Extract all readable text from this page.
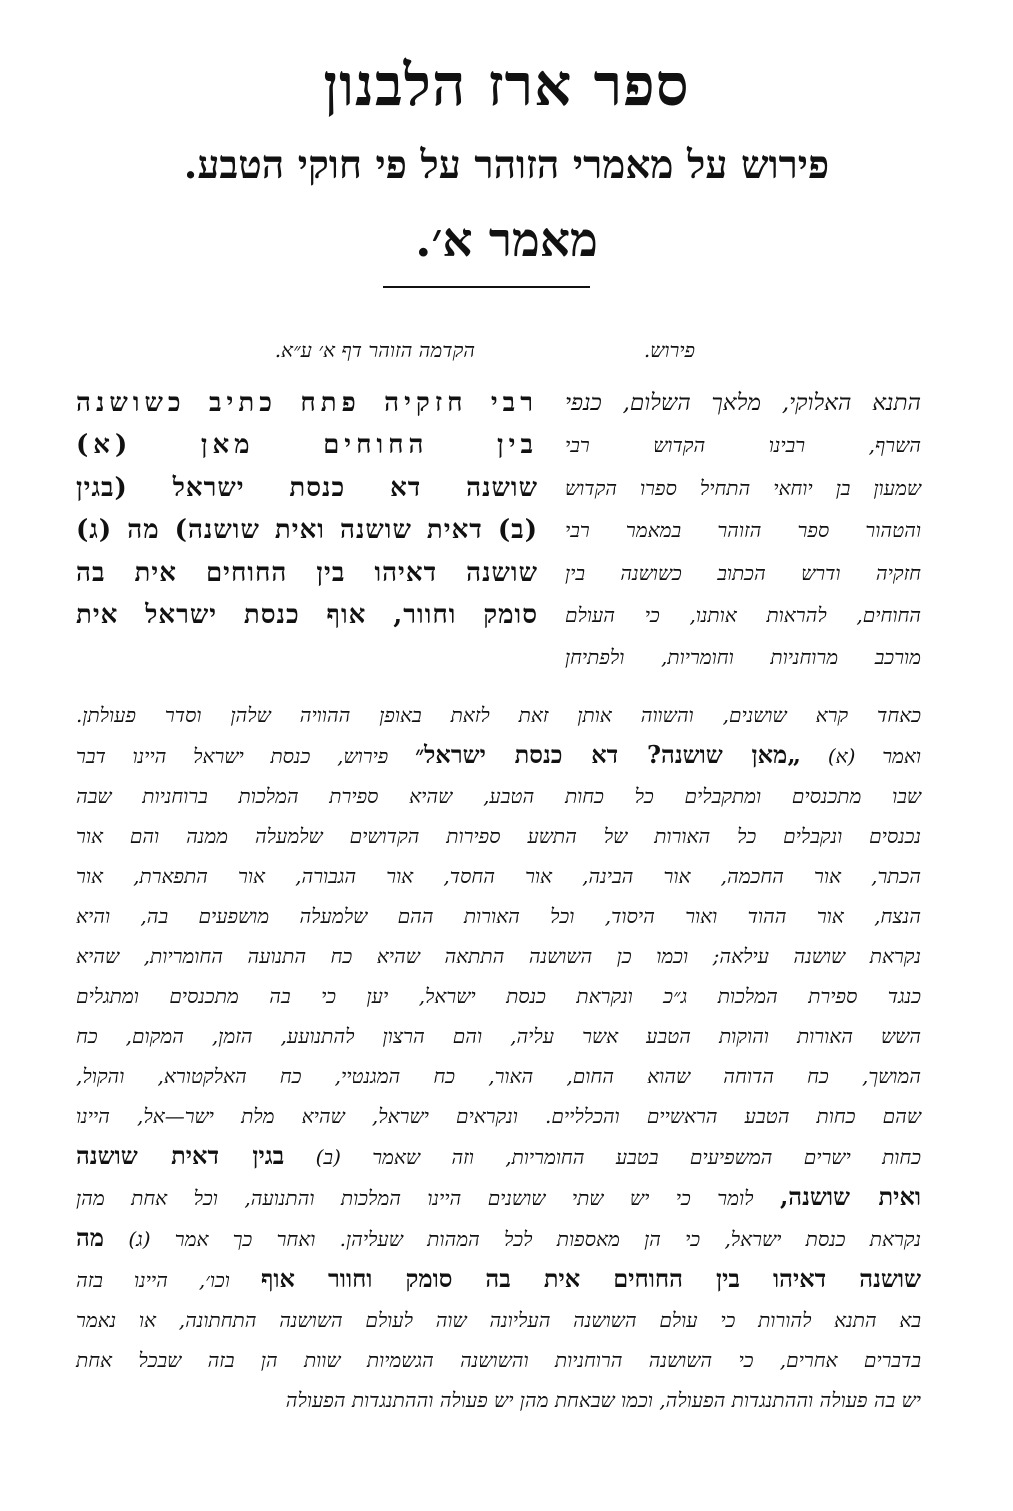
ספר ארז הלבנון
פירוש על מאמרי הזוהר על פי חוקי הטבע.
מאמר א׳.
פירוש.
הקדמה הזוהר דף א׳ ע״א.
התנא האלוקי, מלאך השלום, כנפי
השרף, רבינו הקדוש רבי
שמעון בן יוחאי התחיל ספרו הקדוש
והטהור ספר הזוהר במאמר רבי
חזקיה ודרש הכתוב כשושנה בין
החוחים, להראות אותנו, כי העולם
מורכב מרוחניות וחומריות, ולפתיחן
רבי חזקיה פתח כתיב כשושנה
בין החוחים מאן (א)
שושנה דא כנסת ישראל (בגין
(ב) דאית שושנה ואית שושנה) מה (ג)
שושנה דאיהו בין החוחים אית בה
סומק וחוור, אוף כנסת ישראל אית
כאחד קרא שושנים, והשווה אותן זאת לזאת באופן ההוויה שלהן וסדר פעולתן.
ואמר (א) „מאן שושנה? דא כנסת ישראל״ פירוש, כנסת ישראל היינו דבר
שבו מתכנסים ומתקבלים כל כחות הטבע, שהיא ספירת המלכות ברוחניות שבה
נכנסים ונקבלים כל האורות של התשע ספירות הקדושים שלמעלה ממנה והם אור
הכתר, אור החכמה, אור הבינה, אור החסד, אור הגבורה, אור התפארת, אור
הנצח, אור ההוד ואור היסוד, וכל האורות ההם שלמעלה מושפעים בה, והיא
נקראת שושנה עילאה; וכמו כן השושנה התתאה שהיא כח התנועה החומריות, שהיא
כנגד ספירת המלכות ג״כ ונקראת כנסת ישראל, יען כי בה מתכנסים ומתגלים
השש האורות והוקות הטבע אשר עליה, והם הרצון להתנועע, הזמן, המקום, כח
המושך, כח הדוחה שהוא החום, האור, כח המגנטיי, כח האלקטורא, והקול,
שהם כחות הטבע הראשיים והכלליים. ונקראים ישראל, שהיא מלת ישר—אל, היינו
כחות ישרים המשפיעים בטבע החומריות, וזה שאמר (ב) בגין דאית שושנה
ואית שושנה, לומר כי יש שתי שושנים היינו המלכות והתנועה, וכל אחת מהן
נקראת כנסת ישראל, כי הן מאספות לכל המהות שעליהן. ואחר כך אמר (ג) מה
שושנה דאיהו בין החוחים אית בה סומק וחוור אוף וכו׳, היינו בזה
בא התנא להורות כי עולם השושנה העליונה שוה לעולם השושנה התחתונה, או נאמר
בדברים אחרים, כי השושנה הרוחניות והשושנה הגשמיות שוות הן בזה שבכל אחת
יש בה פעולה וההתנגדות הפעולה, וכמו שבאחת מהן יש פעולה וההתנגדות הפעולה
